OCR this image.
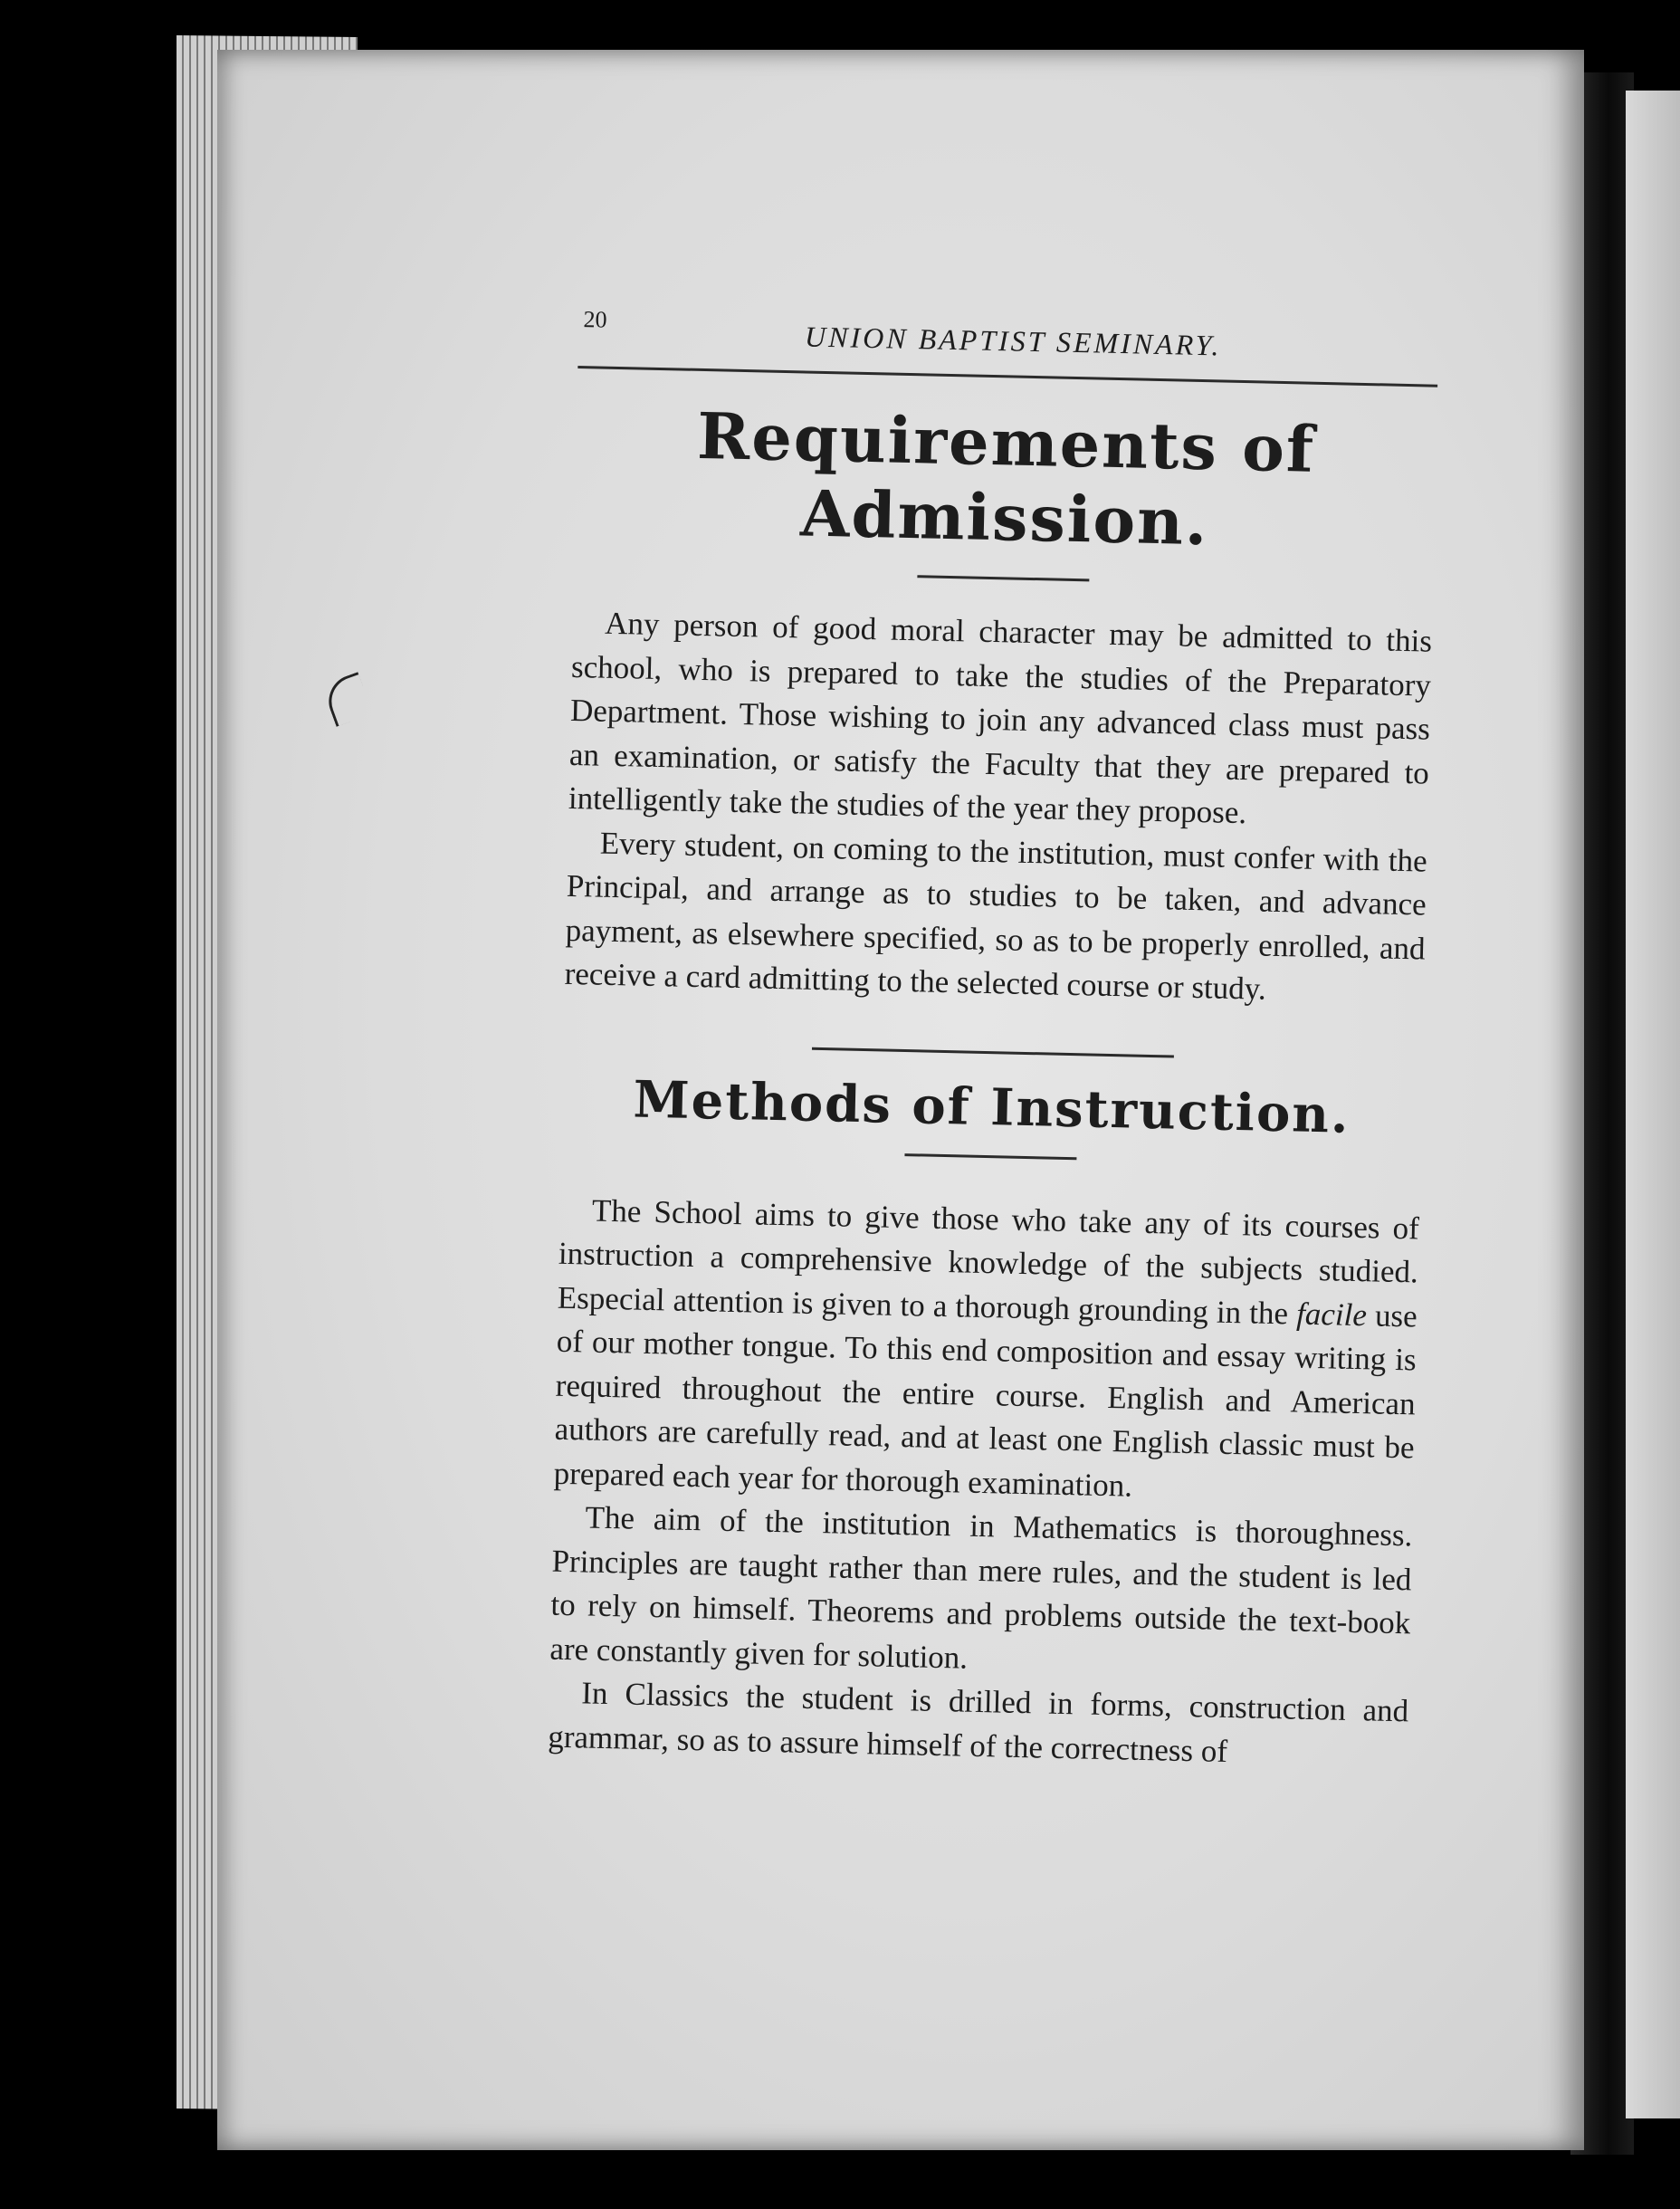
20
UNION BAPTIST SEMINARY.
Requirements of Admission.

Any person of good moral character may be admitted to this school, who is prepared to take the studies of the Preparatory Department. Those wishing to join any advanced class must pass an examination, or satisfy the Faculty that they are prepared to intelligently take the studies of the year they propose.

Every student, on coming to the institution, must confer with the Principal, and arrange as to studies to be taken, and advance payment, as elsewhere specified, so as to be properly enrolled, and receive a card admitting to the selected course or study.

Methods of Instruction.

The School aims to give those who take any of its courses of instruction a comprehensive knowledge of the subjects studied. Especial attention is given to a thorough grounding in the facile use of our mother tongue. To this end composition and essay writing is required throughout the entire course. English and American authors are carefully read, and at least one English classic must be prepared each year for thorough examination.

The aim of the institution in Mathematics is thoroughness. Principles are taught rather than mere rules, and the student is led to rely on himself. Theorems and problems outside the text-book are constantly given for solution.

In Classics the student is drilled in forms, construction and grammar, so as to assure himself of the correctness of
